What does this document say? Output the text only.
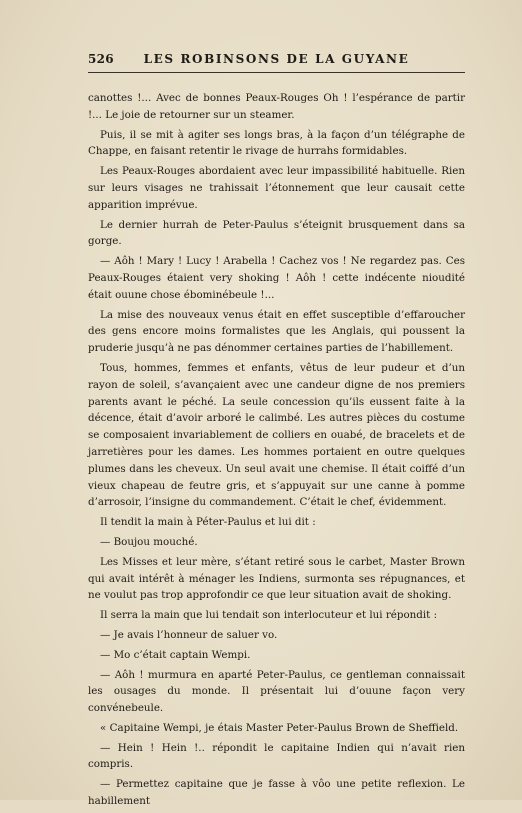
526	LES ROBINSONS DE LA GUYANE

canottes !... Avec de bonnes Peaux-Rouges Oh ! l’espérance de partir !... Le joie de retourner sur un steamer.

Puis, il se mit à agiter ses longs bras, à la façon d’un télégraphe de Chappe, en faisant retentir le rivage de hurrahs formidables.

Les Peaux-Rouges abordaient avec leur impassibilité habituelle. Rien sur leurs visages ne trahissait l’étonnement que leur causait cette apparition imprévue.

Le dernier hurrah de Peter-Paulus s’éteignit brusquement dans sa gorge.

— Aôh ! Mary ! Lucy ! Arabella ! Cachez vos ! Ne regardez pas. Ces Peaux-Rouges étaient very shoking ! Aôh ! cette indécente nioudité était ouune chose ébominébeule !...

La mise des nouveaux venus était en effet susceptible d’effaroucher des gens encore moins formalistes que les Anglais, qui poussent la pruderie jusqu’à ne pas dénommer certaines parties de l’habillement.

Tous, hommes, femmes et enfants, vêtus de leur pudeur et d’un rayon de soleil, s’avançaient avec une candeur digne de nos premiers parents avant le péché. La seule concession qu’ils eussent faite à la décence, était d’avoir arboré le calimbé. Les autres pièces du costume se composaient invariablement de colliers en ouabé, de bracelets et de jarretières pour les dames. Les hommes portaient en outre quelques plumes dans les cheveux. Un seul avait une chemise. Il était coiffé d’un vieux chapeau de feutre gris, et s’appuyait sur une canne à pomme d’arrosoir, l’insigne du commandement. C’était le chef, évidemment.

Il tendit la main à Péter-Paulus et lui dit :

— Boujou mouché.

Les Misses et leur mère, s’étant retiré sous le carbet, Master Brown qui avait intérêt à ménager les Indiens, surmonta ses répugnances, et ne voulut pas trop approfondir ce que leur situation avait de shoking.

Il serra la main que lui tendait son interlocuteur et lui répondit :

— Je avais l’honneur de saluer vo.

— Mo c’était captain Wempi.

— Aôh ! murmura en aparté Peter-Paulus, ce gentleman connaissait les ousages du monde. Il présentait lui d’ouune façon very convénebeule.

« Capitaine Wempi, je étais Master Peter-Paulus Brown de Sheffield.

— Hein ! Hein !.. répondit le capitaine Indien qui n’avait rien compris.

— Permettez capitaine que je fasse à vôo une petite reflexion. Le habillement
